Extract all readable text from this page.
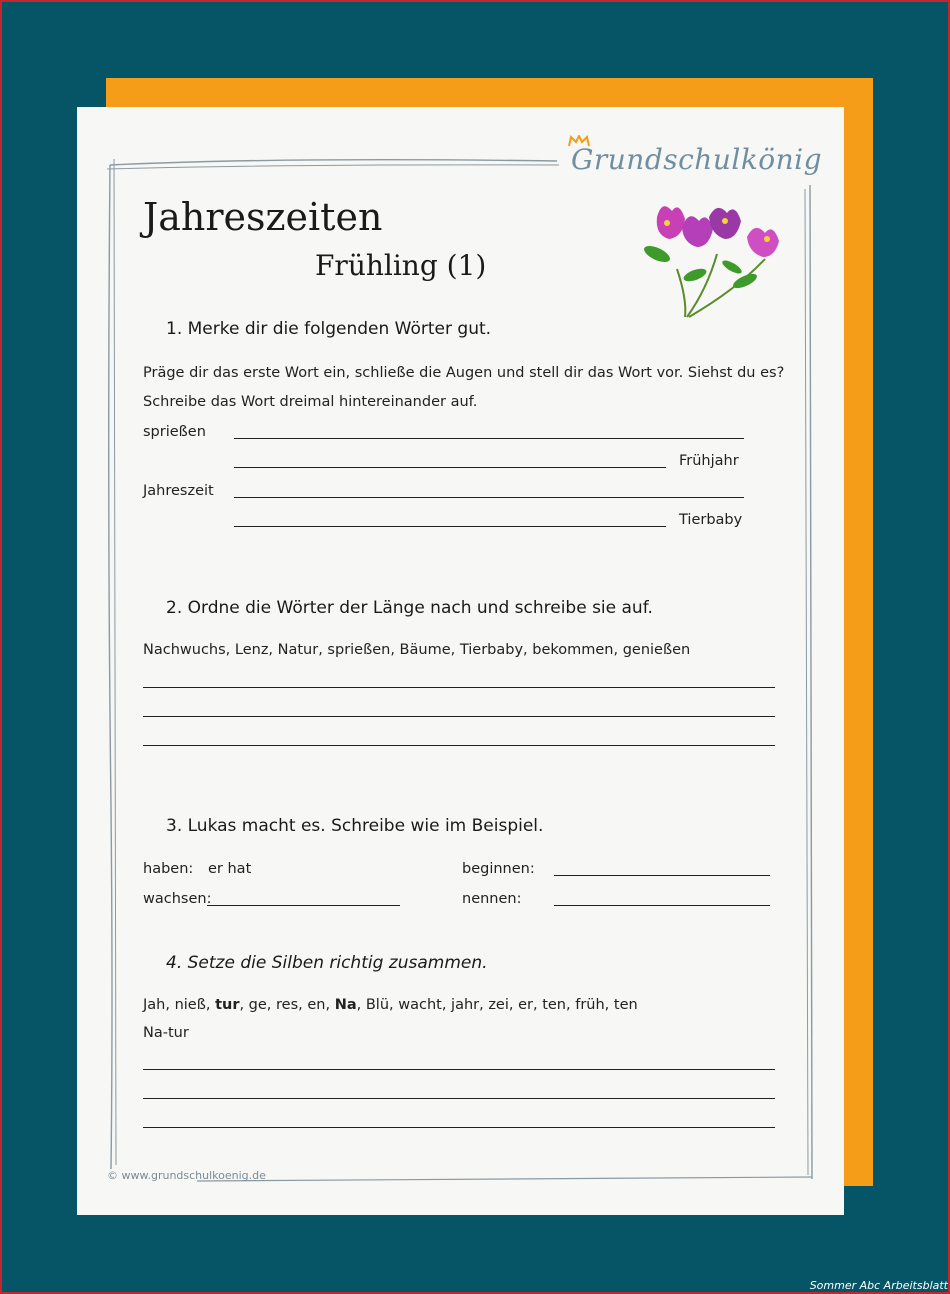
Grundschulkönig
Jahreszeiten
Frühling (1)
1. Merke dir die folgenden Wörter gut.
Präge dir das erste Wort ein, schließe die Augen und stell dir das Wort vor. Siehst du es?
Schreibe das Wort dreimal hintereinander auf.
sprießen
Frühjahr
Jahreszeit
Tierbaby
2. Ordne die Wörter der Länge nach und schreibe sie auf.
Nachwuchs, Lenz, Natur, sprießen, Bäume, Tierbaby, bekommen, genießen
3. Lukas macht es. Schreibe wie im Beispiel.
haben: er hat	beginnen:
wachsen:	nennen:
4. Setze die Silben richtig zusammen.
Jah, nieß, tur, ge, res, en, Na, Blü, wacht, jahr, zei, er, ten, früh, ten
Na-tur
© www.grundschulkoenig.de
Sommer Abc Arbeitsblatt
